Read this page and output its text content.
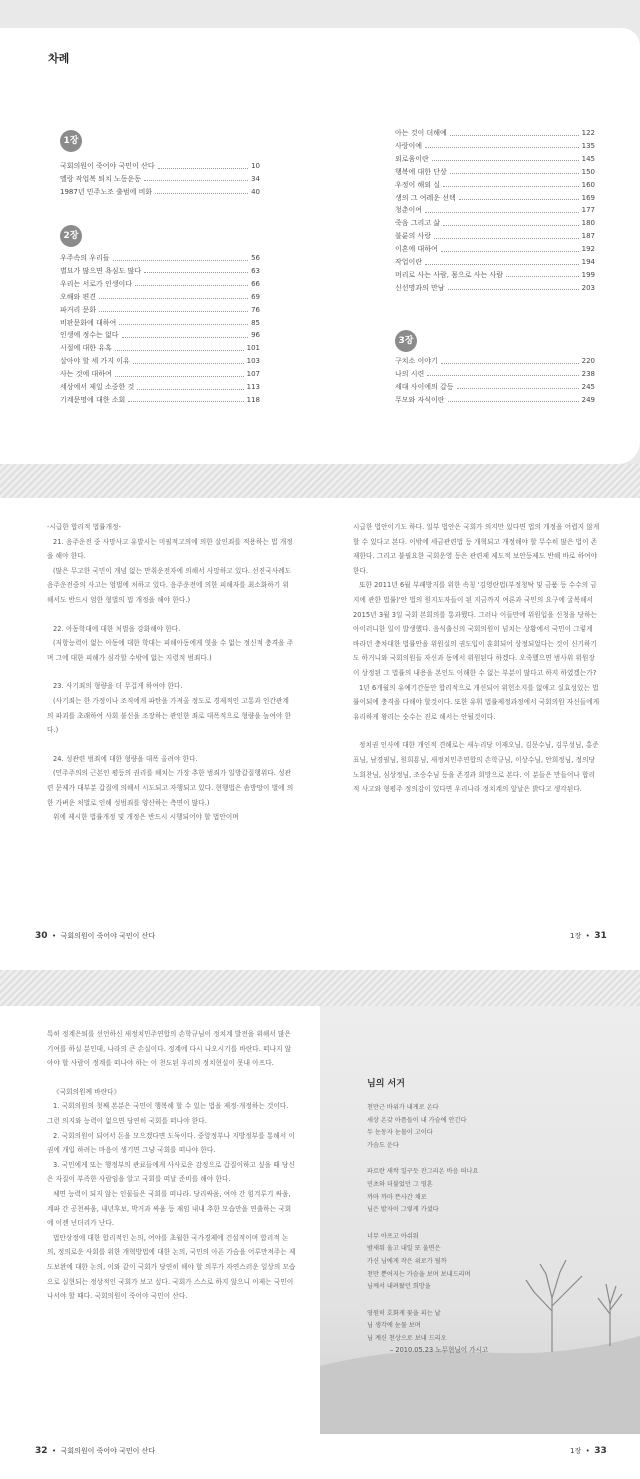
차례
1장
국회의원이 죽어야 국민이 산다	10
멜랑 작업복 퇴치 노동운동	34
1987년 민주노조 출범에 비화	40
2장
우주속의 우리들	56
별묘가 많으면 욕심도 많다	63
우리는 서로가 인생이다	66
오해와 편견	69
파거리 문화	76
비판문화에 대하여	85
인생에 정수는 없다	96
시절에 대한 유혹	101
살아야 할 세 가지 이유	103
사는 것에 대하여	107
세상에서 제일 소중한 것	113
기계문명에 대한 소회	118
아는 것이 더해예	122
사랑이예	135
외로움이란	145
행복에 대한 단상	150
우정이 해외 실	160
생의 그 여레운 선택	169
청춘이여	177
죽음 그리고 삶	180
불륜의 사랑	187
이혼에 대하여	192
작업이란	194
머리로 사는 사람, 몸으로 사는 사람	199
신선명과의 만남	203
3장
구치소 이야기	220
나의 시련	238
세대 사이에의 갈등	245
무모와 자식이란	249

-시급한 합리적 법률개정-

21. 음주운전 중 사망사고 유발시는 미필적고의에 의한 살인죄를 적용하는 법 개정을 해야 한다.

(많은 무고한 국민이 개념 없는 만취운전자에 의해서 사망하고 있다. 선진국사례도 음주운전중의 사고는 엄벌에 처하고 있다. 음주운전에 의한 피해자를 최소화하기 위해서도 반드시 엄한 형벌의 법 개정을 해야 한다.)

22. 아동학대에 대한 처벌을 강화해야 한다.

(저항능력이 없는 아동에 대한 학대는 피해아동에게 엿을 수 없는 정신적 충격을 주며 그에 대한 피해가 심각할 수밖에 없는 지령적 범죄다.)

23. 사기죄의 형량을 더 무겁게 하여야 한다.

(사기죄는 한 가정이나 조직에게 파탄을 가져올 정도로 경제적인 고통과 인간관계의 파괴를 초래하여 사회 불신을 조장하는 관인한 죄로 대폭적으로 형량을 높여야 한다.)

24. 성관련 범죄에 대한 형량을 대폭 올려야 한다.

(민주주의의 근본인 평등의 권리를 해치는 가장 추한 범죄가 일방갑질행위다. 성관련 문제가 대부분 갑질에 의해서 시도되고 자행되고 있다. 현행법은 솜방망이 벌에 의한 가벼운 처벌로 인해 성범죄를 양산하는 측면이 많다.)

위에 제시한 법률개정 및 개정은 반드시 시행되어야 할 법안이며

시급한 법안이기도 하다. 일부 법안은 국회가 의지만 있다면 법의 개정을 어렵지 않게 할 수 있다고 본다. 이밖에 세금관련법 등 개혁되고 개정해야 할 무수히 많은 법이 존재한다. 그리고 불필요한 국회운영 등은 관련제 제도적 보안등제도 반해 바로 하여야한다.

또한 2011년 6월 부패방지를 위한 속칭 '김영란법(부정청탁 및 금품 등 수수의 금지에 관한 법률)'안 법의 원지도자들이 된 지금까지 여론과 국민의 요구에 굴복해서 2015년 3월 3일 국회 본회의를 통과했다. 그러나 이들만에 위원입을 신청을 당하는 아이러니한 일이 발생했다. 음식출신의 국회의원이 넘치는 상황에서 국민이 그렇게 바라던 충차대한 법률안을 위원실의 권도입이 훈회되어 상정되었다는 것이 신기하기도 하거니와 국회의원들 자신과 동에서 위원된다 하겠다. 오죽했으면 범사위 위원장이 상정된 그 법률의 내용을 본인도 이해한 수 없는 부분이 많다고 하지 하였겠는가?

1년 6개월의 유예기간동안 합리적으로 개선되어 위헌소지를 없애고 실효성있는 법률이되에 충격을 다해야 할것이다. 또한 유휘 법률제정과정에서 국회의원 자신들에게 유리하게 왕리는 숫수는 진로 해서는 안될것이다.

정치권 인사에 대한 개인적 견해로는 새누리당 이재오님, 김문수님, 김무성님, 홍준표님, 남경필님, 원희룡님, 새정치민주연합의 손학규님, 이상수님, 안희정님, 정의당 노회찬님, 심상정님, 조승수님 등을 존경과 희망으로 본다. 이 분들은 만들어나 합리적 사고와 형평주 정의감이 있다면 우리나라 정치계의 앞날은 밝다고 생각된다.

30  •  국회의원이 죽어야 국민이 산다	1장  •  31

특히 정계은퇴를 선언하신 새정치민주연합의 손학규님이 정치계 발전을 위해서 많은 기여를 하실 분인데, 나라의 큰 손실이다. 정계에 다시 나오시기를 바란다. 떠나지 않아야 할 사람이 정계를 떠나야 하는 이 천도된 우리의 정치현실이 못내 아프다.

《국회의원께 바란다》

1. 국회의원의 첫째 본분은 국민이 행복해 할 수 있는 법을 제정·개정하는 것이다. 그런 의지와 능력이 없으면 당연히 국회를 떠나야 한다.

2. 국회의원이 되어서 돈을 모으겠다면 도둑이다. 중앙정부나 지방정부를 통해서 이권에 개입 하려는 마음이 생기면 그냥 국회를 떠나야 한다.

3. 국민에게 또는 행정부의 관료들에게 사사로운 감정으로 갑질이하고 싶을 때 당신은 자질이 부족한 사람임을 알고 국회를 떠날 준비를 해야 한다.

체면 능력이 되지 않는 인물들은 국회를 떠나라. 당리싸움, 여야 간 힘겨루기 싸움, 계파 간 공천싸움, 내년후보, 박거과 싸움 등 재임 내내 추한 모습만을 연출하는 국회에 이젠 넌더리가 난다.

법안상정에 대한 합리적인 논의, 여야를 초월한 국가경제에 건설적이며 합리적 논의, 정의로운 사회를 위한 개혁방법에 대한 논의, 국민의 아픈 가슴을 어루만져주는 제도보완에 대한 논의, 이와 같이 국회가 당연히 해야 할 의무가 자연스러운 일상의 모습으로 실현되는 정상적인 국회가 보고 싶다. 국회가 스스로 하지 않으니 이제는 국민이 나서야 할 때다. 국회의원이 죽어야 국민이 산다.

님의 서거

천만근 바위가 내게로 온다

세상 온갖 아픔들이 내 가슴에 안긴다

두 눈동자 눈물이 고이다

가슴도 운다

파르란 새싹 일구듯 잔그리온 바음 떠나요

민초와 더불었던 그 영혼

까마 까마 뜬사간 채로

님은 밭자이 그렇게 가셨다

너무 아프고 아쉬워

밤새워 울고 내일 또 울면은

가신 님에게 작은 위로가 될까

천만 뿐어지는 가슴을 보며 보내드리며

님께서 내려왔던 희망을

영원히 호화게 꽃을 피는 날

님 생각에 눈물 보며

님 계신 천상으로 보내 드리오

– 2010.05.23 노무현님이 가시고
32  •  국회의원이 죽어야 국민이 산다	1장  •  33
